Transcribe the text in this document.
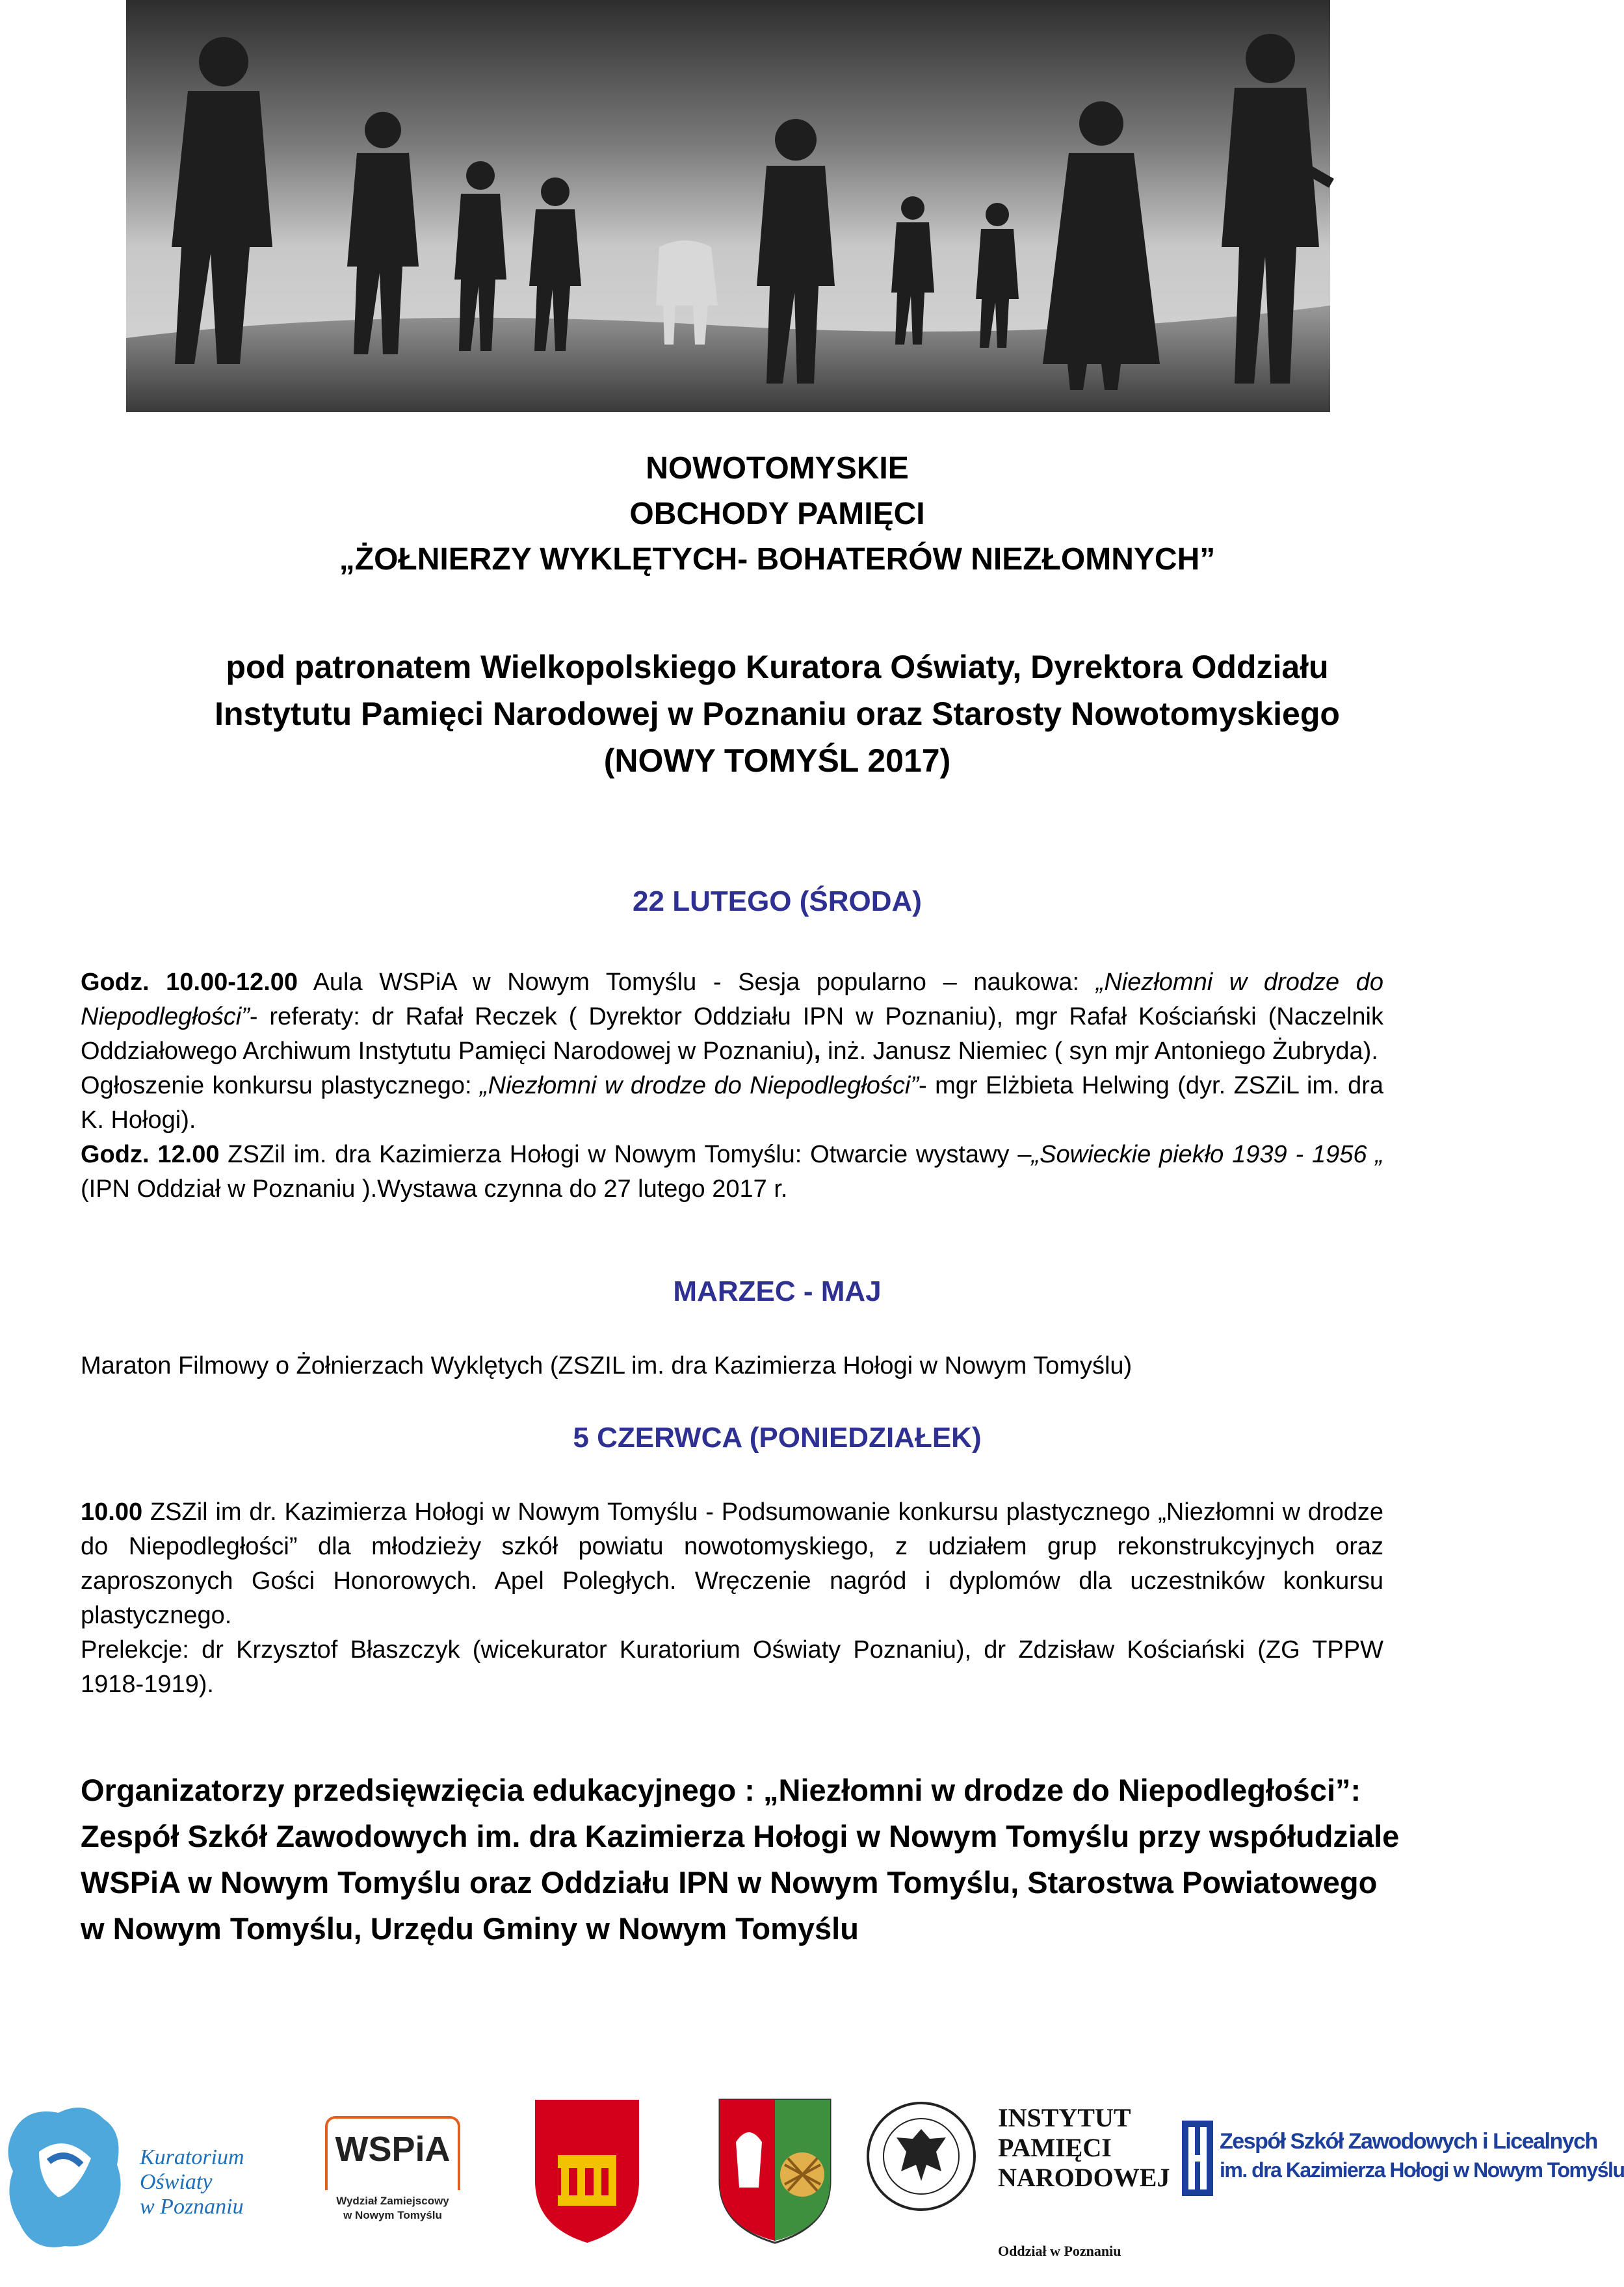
NOWOTOMYSKIE
OBCHODY PAMIĘCI
„ŻOŁNIERZY WYKLĘTYCH- BOHATERÓW NIEZŁOMNYCH”
pod patronatem Wielkopolskiego Kuratora Oświaty, Dyrektora Oddziału
Instytutu Pamięci Narodowej w Poznaniu oraz Starosty Nowotomyskiego
(NOWY TOMYŚL 2017)
22 LUTEGO (ŚRODA)

Godz. 10.00-12.00 Aula WSPiA w Nowym Tomyślu - Sesja popularno – naukowa: „Niezłomni w drodze do Niepodległości”- referaty: dr Rafał Reczek ( Dyrektor Oddziału IPN w Poznaniu), mgr Rafał Kościański (Naczelnik Oddziałowego Archiwum Instytutu Pamięci Narodowej w Poznaniu), inż. Janusz Niemiec ( syn mjr Antoniego Żubryda).

Ogłoszenie konkursu plastycznego: „Niezłomni w drodze do Niepodległości”- mgr Elżbieta Helwing (dyr. ZSZiL im. dra K. Hołogi).

Godz. 12.00 ZSZil im. dra Kazimierza Hołogi w Nowym Tomyślu: Otwarcie wystawy –„Sowieckie piekło 1939 - 1956 „ (IPN Oddział w Poznaniu ).Wystawa czynna do 27 lutego 2017 r.

MARZEC - MAJ

Maraton Filmowy o Żołnierzach Wyklętych (ZSZIL im. dra Kazimierza Hołogi w Nowym Tomyślu)

5 CZERWCA (PONIEDZIAŁEK)

10.00 ZSZil im dr. Kazimierza Hołogi w Nowym Tomyślu - Podsumowanie konkursu plastycznego „Niezłomni w drodze do Niepodległości” dla młodzieży szkół powiatu nowotomyskiego, z udziałem grup rekonstrukcyjnych oraz zaproszonych Gości Honorowych. Apel Poległych. Wręczenie nagród i dyplomów dla uczestników konkursu plastycznego.

Prelekcje: dr Krzysztof Błaszczyk (wicekurator Kuratorium Oświaty Poznaniu), dr Zdzisław Kościański (ZG TPPW 1918-1919).

Organizatorzy przedsięwzięcia edukacyjnego : „Niezłomni w drodze do Niepodległości”:

Zespół Szkół Zawodowych im. dra Kazimierza Hołogi w Nowym Tomyślu przy współudziale

WSPiA w Nowym Tomyślu oraz Oddziału IPN w Nowym Tomyślu, Starostwa Powiatowego

w Nowym Tomyślu, Urzędu Gminy w Nowym Tomyślu

Kuratorium
Oświaty
w Poznaniu
WSPiA
Wydział Zamiejscowy
w Nowym Tomyślu
INSTYTUT
PAMIĘCI
NARODOWEJ
Oddział w Poznaniu
Zespół Szkół Zawodowych i Licealnych
im. dra Kazimierza Hołogi w Nowym Tomyślu
